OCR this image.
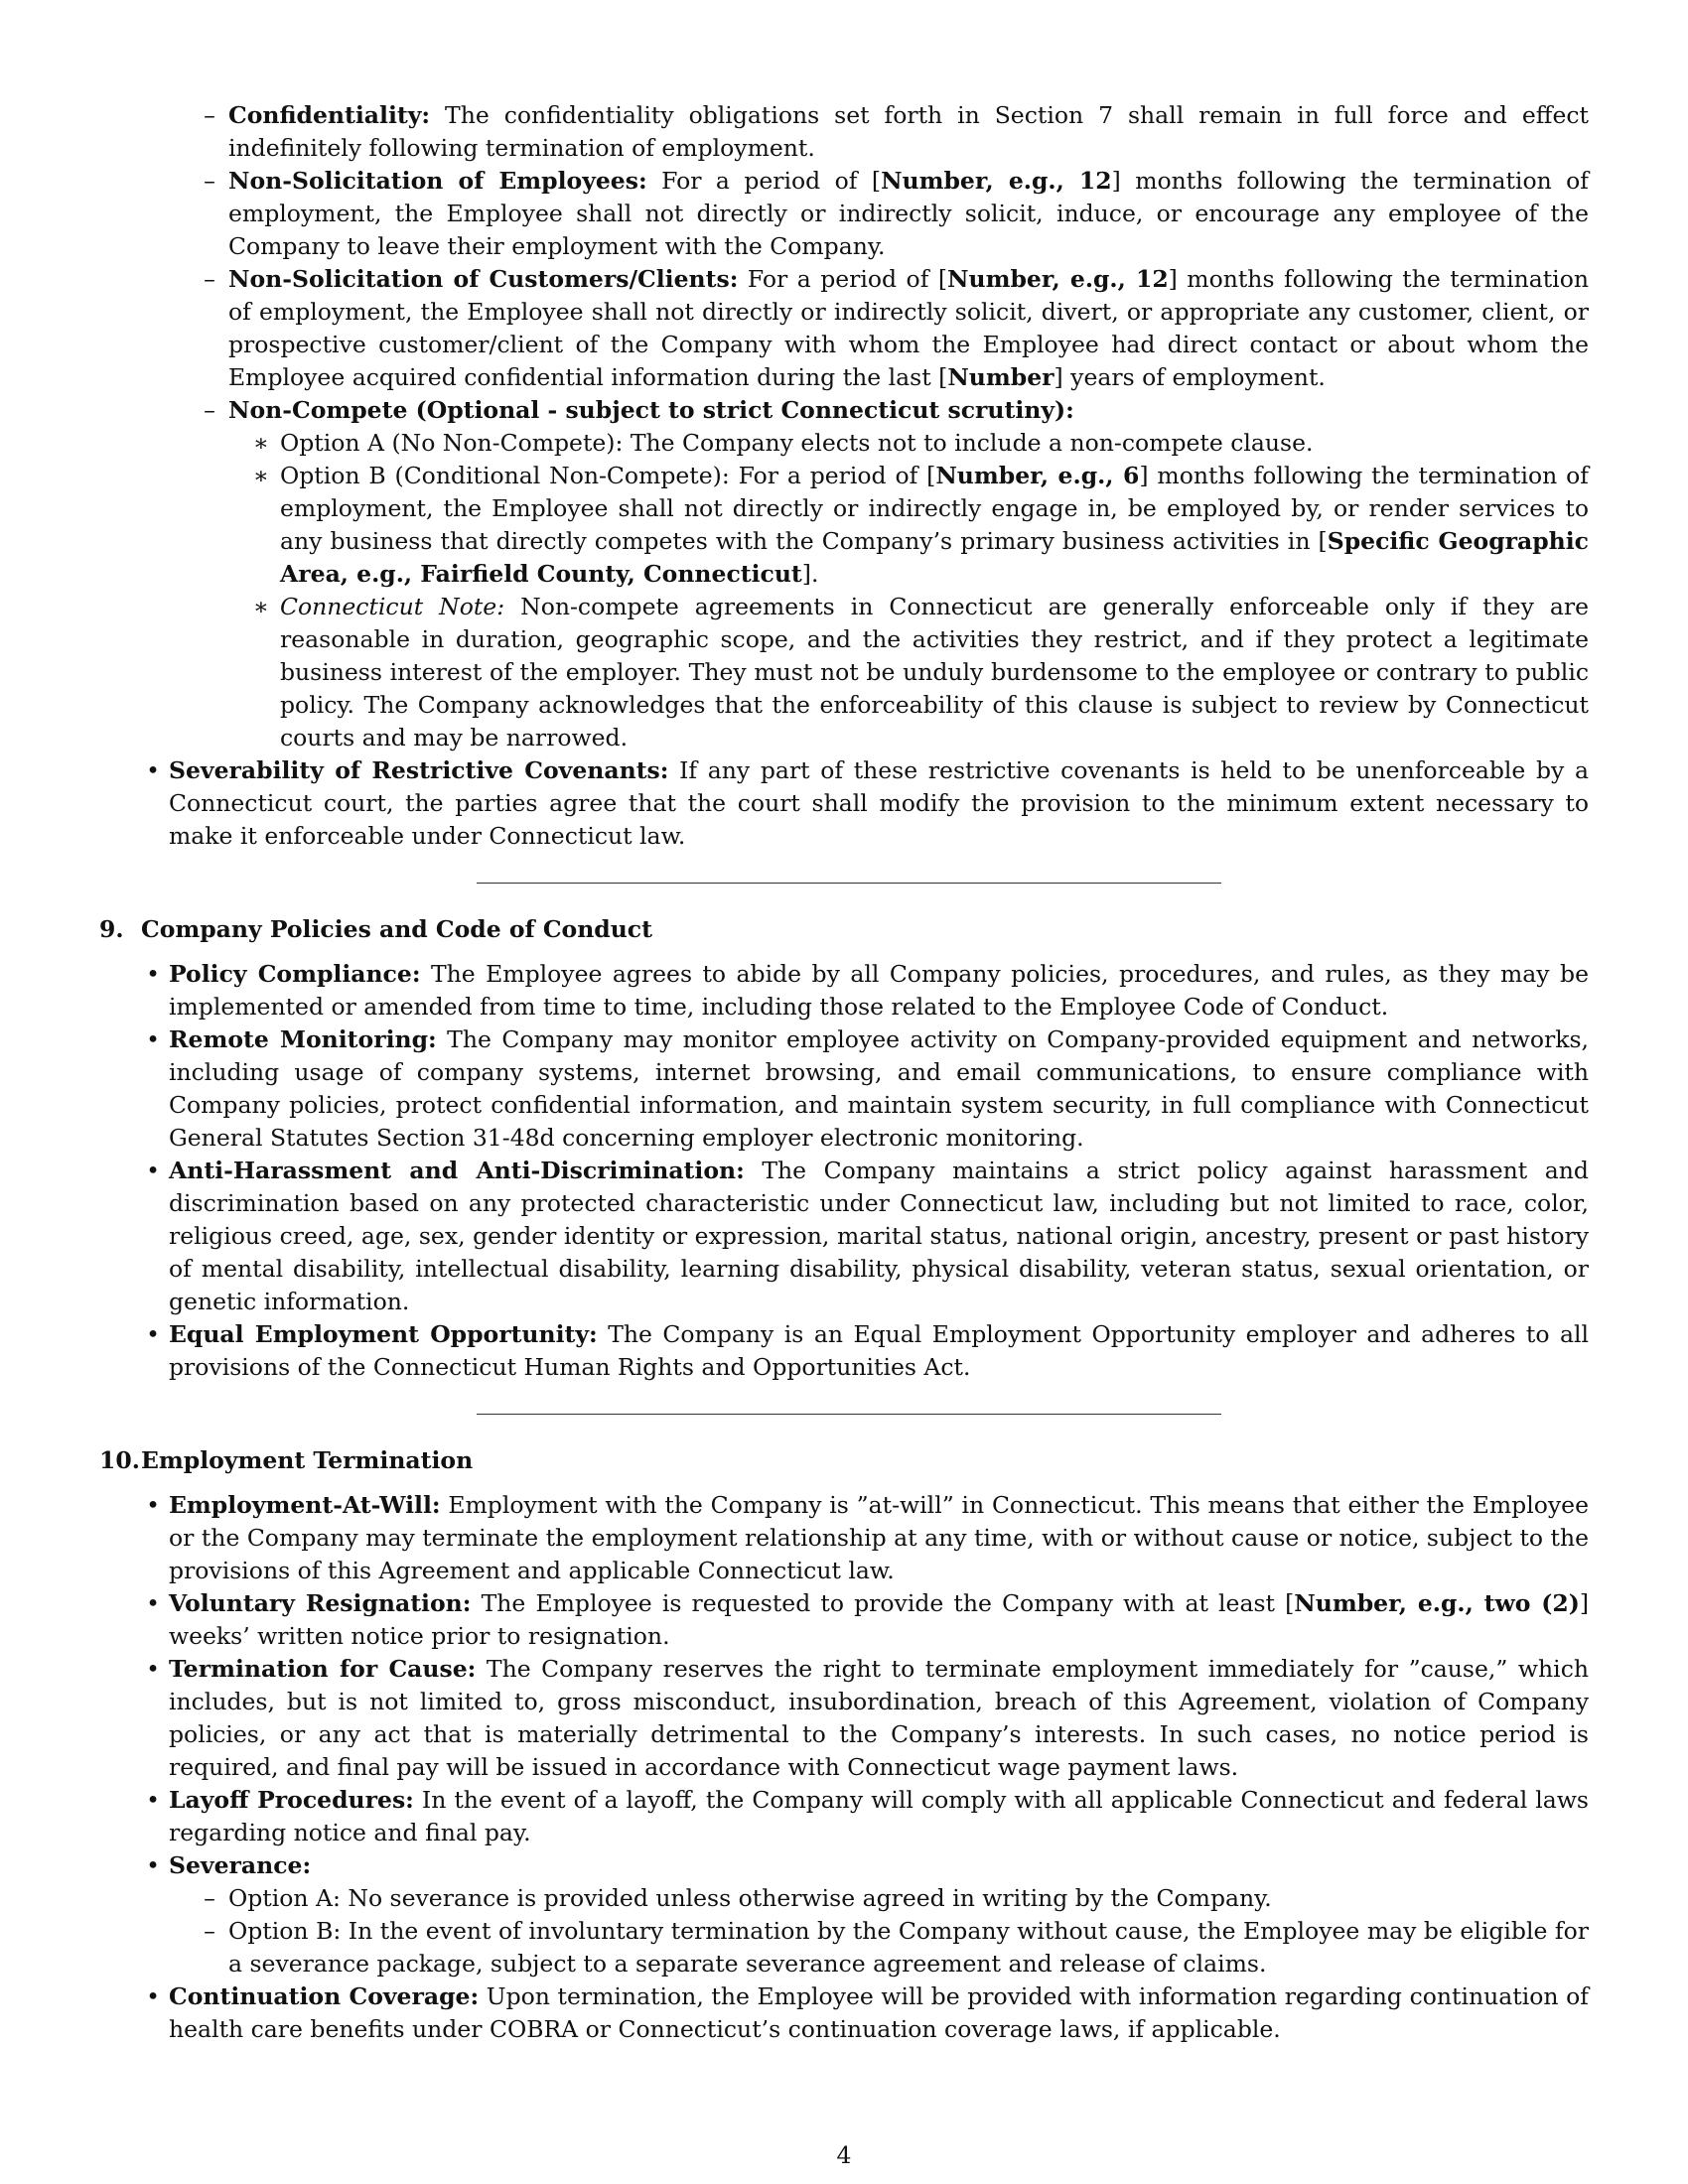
– Confidentiality: The confidentiality obligations set forth in Section 7 shall remain in full force and effect indefinitely following termination of employment.

– Non-Solicitation of Employees: For a period of [Number, e.g., 12] months following the termination of employment, the Employee shall not directly or indirectly solicit, induce, or encourage any employee of the Company to leave their employment with the Company.

– Non-Solicitation of Customers/Clients: For a period of [Number, e.g., 12] months following the termination of employment, the Employee shall not directly or indirectly solicit, divert, or appropriate any customer, client, or prospective customer/client of the Company with whom the Employee had direct contact or about whom the Employee acquired confidential information during the last [Number] years of employment.

– Non-Compete (Optional - subject to strict Connecticut scrutiny):

∗ Option A (No Non-Compete): The Company elects not to include a non-compete clause.

∗ Option B (Conditional Non-Compete): For a period of [Number, e.g., 6] months following the termination of employment, the Employee shall not directly or indirectly engage in, be employed by, or render services to any business that directly competes with the Company’s primary business activities in [Specific Geographic Area, e.g., Fairfield County, Connecticut].

∗ Connecticut Note: Non-compete agreements in Connecticut are generally enforceable only if they are reasonable in duration, geographic scope, and the activities they restrict, and if they protect a legitimate business interest of the employer. They must not be unduly burdensome to the employee or contrary to public policy. The Company acknowledges that the enforceability of this clause is subject to review by Connecticut courts and may be narrowed.

• Severability of Restrictive Covenants: If any part of these restrictive covenants is held to be unenforceable by a Connecticut court, the parties agree that the court shall modify the provision to the minimum extent necessary to make it enforceable under Connecticut law.

9. Company Policies and Code of Conduct
• Policy Compliance: The Employee agrees to abide by all Company policies, procedures, and rules, as they may be implemented or amended from time to time, including those related to the Employee Code of Conduct.

• Remote Monitoring: The Company may monitor employee activity on Company-provided equipment and networks, including usage of company systems, internet browsing, and email communications, to ensure compliance with Company policies, protect confidential information, and maintain system security, in full compliance with Connecticut General Statutes Section 31-48d concerning employer electronic monitoring.

• Anti-Harassment and Anti-Discrimination: The Company maintains a strict policy against harassment and discrimination based on any protected characteristic under Connecticut law, including but not limited to race, color, religious creed, age, sex, gender identity or expression, marital status, national origin, ancestry, present or past history of mental disability, intellectual disability, learning disability, physical disability, veteran status, sexual orientation, or genetic information.

• Equal Employment Opportunity: The Company is an Equal Employment Opportunity employer and adheres to all provisions of the Connecticut Human Rights and Opportunities Act.

10.Employment Termination
• Employment-At-Will: Employment with the Company is ”at-will” in Connecticut. This means that either the Employee or the Company may terminate the employment relationship at any time, with or without cause or notice, subject to the provisions of this Agreement and applicable Connecticut law.

• Voluntary Resignation: The Employee is requested to provide the Company with at least [Number, e.g., two (2)] weeks’ written notice prior to resignation.

• Termination for Cause: The Company reserves the right to terminate employment immediately for ”cause,” which includes, but is not limited to, gross misconduct, insubordination, breach of this Agreement, violation of Company policies, or any act that is materially detrimental to the Company’s interests. In such cases, no notice period is required, and final pay will be issued in accordance with Connecticut wage payment laws.

• Layoff Procedures: In the event of a layoff, the Company will comply with all applicable Connecticut and federal laws regarding notice and final pay.

• Severance:

– Option A: No severance is provided unless otherwise agreed in writing by the Company.

– Option B: In the event of involuntary termination by the Company without cause, the Employee may be eligible for a severance package, subject to a separate severance agreement and release of claims.

• Continuation Coverage: Upon termination, the Employee will be provided with information regarding continuation of health care benefits under COBRA or Connecticut’s continuation coverage laws, if applicable.

4
